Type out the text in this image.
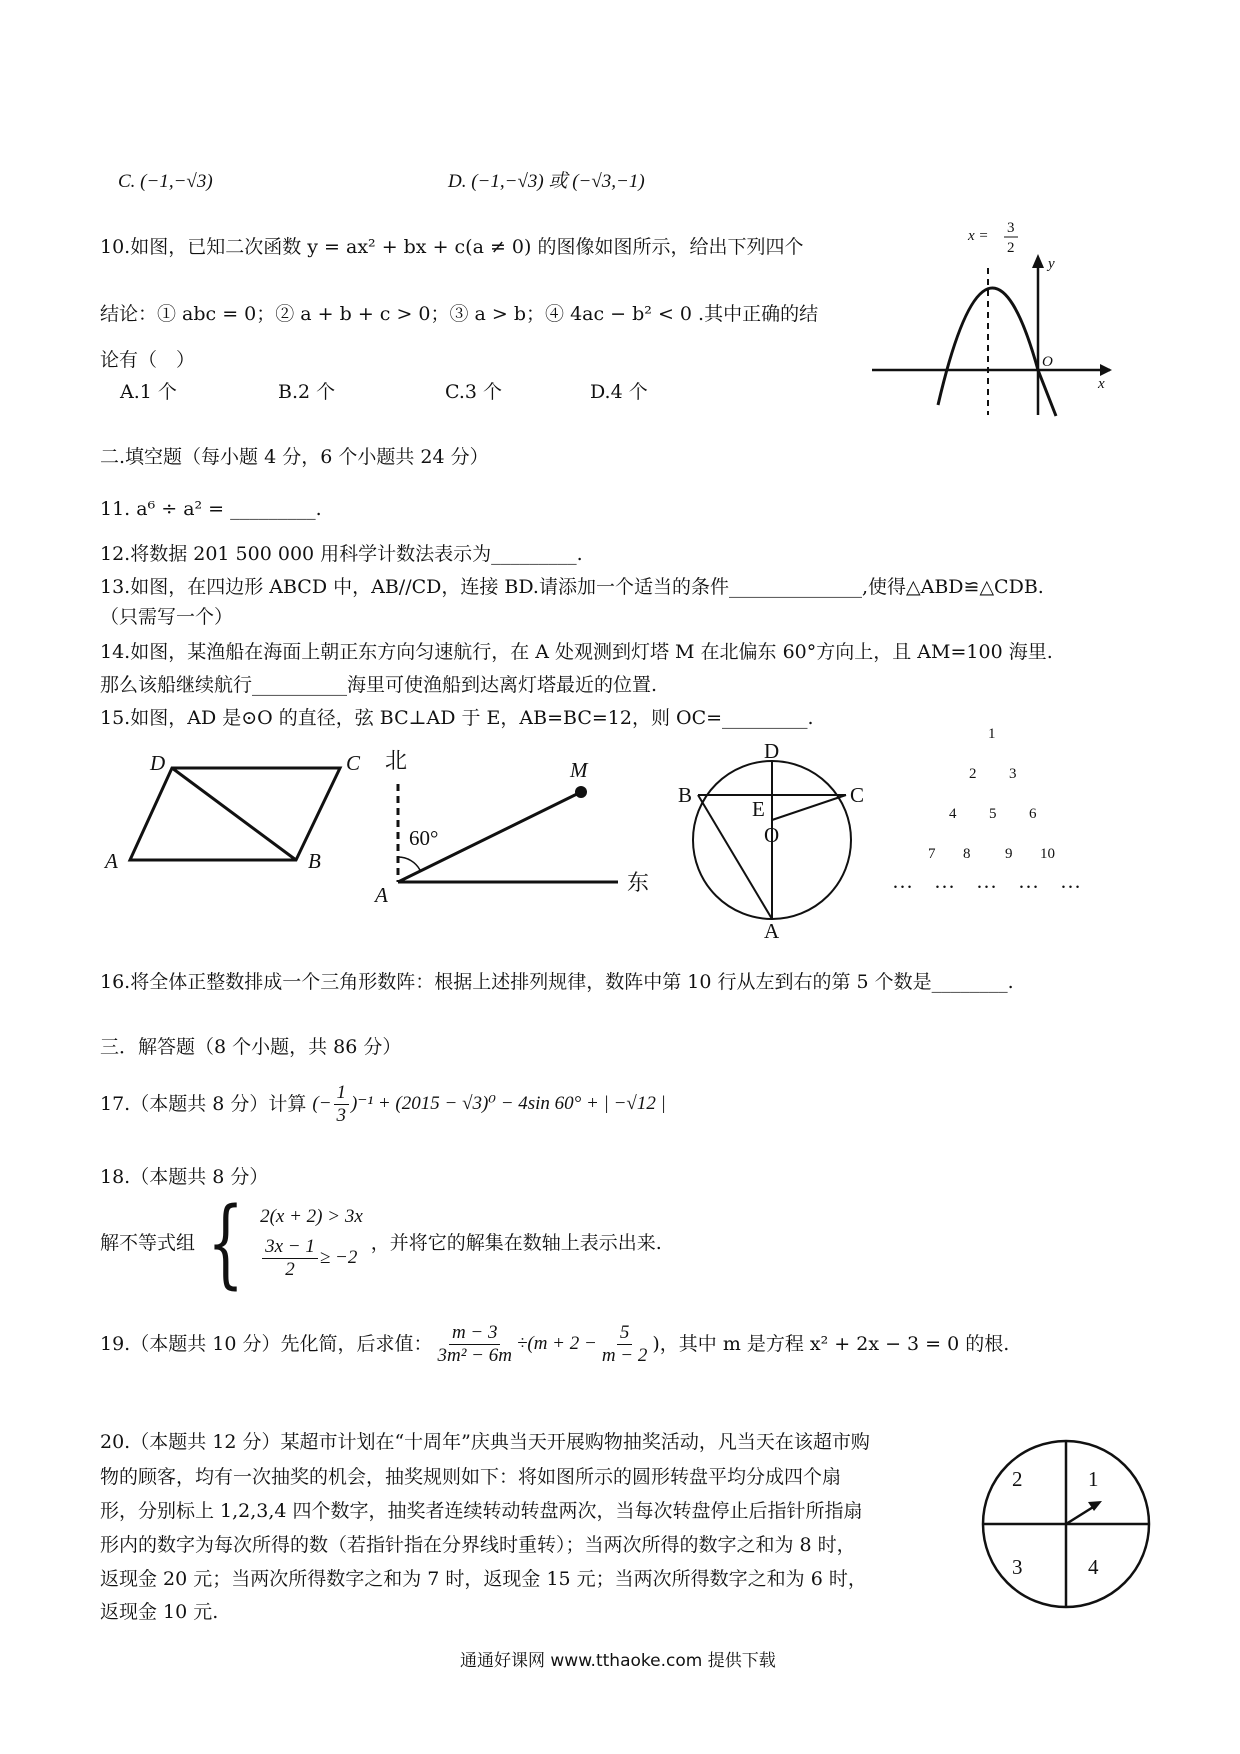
C. (−1,−√3)	D. (−1,−√3) 或 (−√3,−1)
10.如图，已知二次函数 y = ax² + bx + c(a ≠ 0) 的图像如图所示，给出下列四个
结论：① abc = 0；② a + b + c > 0；③ a > b；④ 4ac − b² < 0 .其中正确的结
论有（　）
A.1 个	B.2 个	C.3 个	D.4 个
x = 3
2
y
O
x
二.填空题（每小题 4 分，6 个小题共 24 分）
11. a⁶ ÷ a² = _________.
12.将数据 201 500 000 用科学计数法表示为_________.
13.如图，在四边形 ABCD 中，AB//CD，连接 BD.请添加一个适当的条件______________,使得△ABD≌△CDB.
（只需写一个）
14.如图，某渔船在海面上朝正东方向匀速航行，在 A 处观测到灯塔 M 在北偏东 60°方向上，且 AM=100 海里.
那么该船继续航行__________海里可使渔船到达离灯塔最近的位置.
15.如图，AD 是⊙O 的直径，弦 BC⊥AD 于 E，AB=BC=12，则 OC=_________.
D	C
A	B
北
60°
M
A	东
D
B	C
E
O
A
1
2 3
4 5 6
7 8 9 10
… … … … …
16.将全体正整数排成一个三角形数阵：根据上述排列规律，数阵中第 10 行从左到右的第 5 个数是________.
三．解答题（8 个小题，共 86 分）
17.（本题共 8 分）计算 (− $\frac{1}{3} )^{-1} + (2015 - √3)^0 - 4\sin$ 60° + | −√12 |
18.（本题共 8 分）
解不等式组 { 2(x + 2) > 3x
$\frac{3x - 1}{2} \ge -2$
，并将它的解集在数轴上表示出来.
19.（本题共 10 分）先化简，后求值： $\frac{m - 3}{\text{3m² − 6m}} \div(m + 2 - \frac{5}{m - 2}$ )，其中 m 是方程 x² + 2x − 3 = 0 的根.
20.（本题共 12 分）某超市计划在“十周年”庆典当天开展购物抽奖活动，凡当天在该超市购
物的顾客，均有一次抽奖的机会，抽奖规则如下：将如图所示的圆形转盘平均分成四个扇
形，分别标上 1,2,3,4 四个数字，抽奖者连续转动转盘两次，当每次转盘停止后指针所指扇
形内的数字为每次所得的数（若指针指在分界线时重转）；当两次所得的数字之和为 8 时，
返现金 20 元；当两次所得数字之和为 7 时，返现金 15 元；当两次所得数字之和为 6 时，
返现金 10 元.
1
2
3	4
通通好课网 www.tthaoke.com 提供下载
